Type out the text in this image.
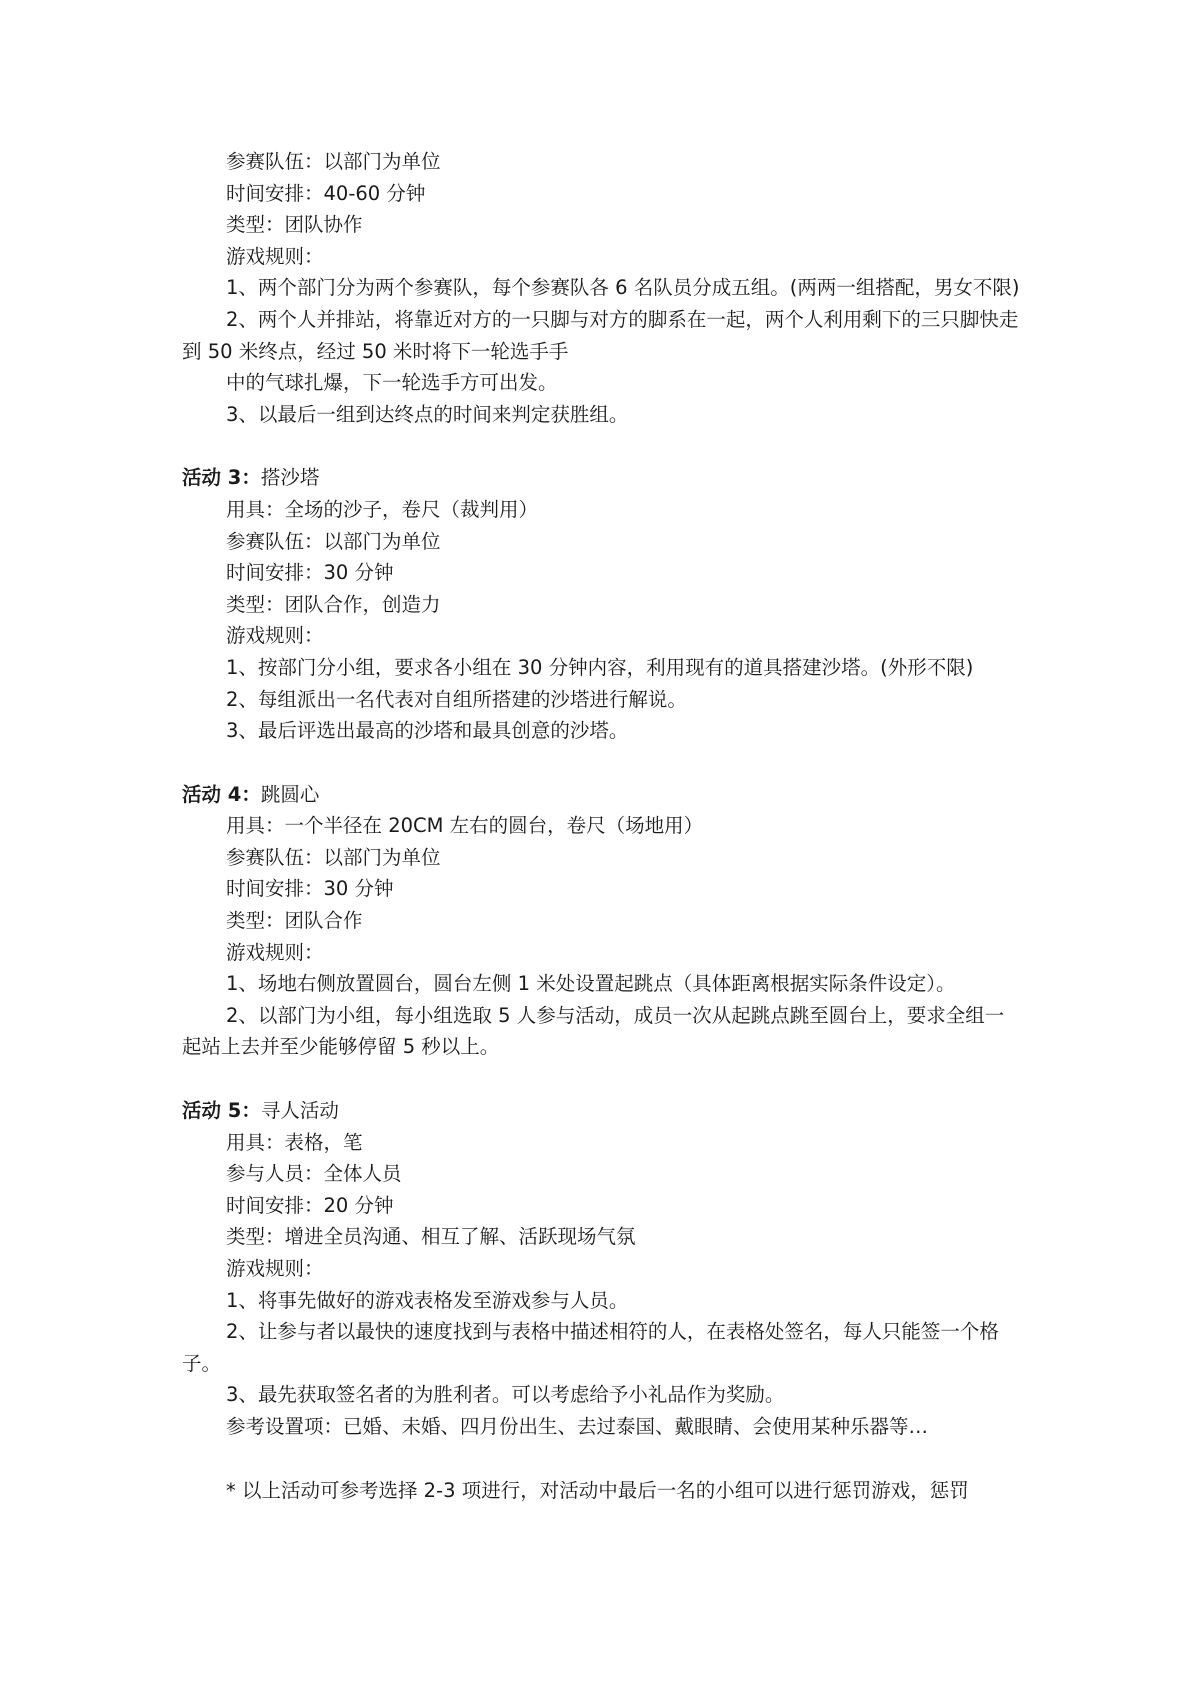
参赛队伍：以部门为单位
时间安排：40-60 分钟
类型：团队协作
游戏规则：
1、两个部门分为两个参赛队，每个参赛队各 6 名队员分成五组。(两两一组搭配，男女不限)
2、两个人并排站，将靠近对方的一只脚与对方的脚系在一起，两个人利用剩下的三只脚快走到 50 米终点，经过 50 米时将下一轮选手手
中的气球扎爆，下一轮选手方可出发。
3、以最后一组到达终点的时间来判定获胜组。
活动 3：搭沙塔
用具：全场的沙子，卷尺（裁判用）
参赛队伍：以部门为单位
时间安排：30 分钟
类型：团队合作，创造力
游戏规则：
1、按部门分小组，要求各小组在 30 分钟内容，利用现有的道具搭建沙塔。(外形不限)
2、每组派出一名代表对自组所搭建的沙塔进行解说。
3、最后评选出最高的沙塔和最具创意的沙塔。
活动 4：跳圆心
用具：一个半径在 20CM 左右的圆台，卷尺（场地用）
参赛队伍：以部门为单位
时间安排：30 分钟
类型：团队合作
游戏规则：
1、场地右侧放置圆台，圆台左侧 1 米处设置起跳点（具体距离根据实际条件设定）。
2、以部门为小组，每小组选取 5 人参与活动，成员一次从起跳点跳至圆台上，要求全组一起站上去并至少能够停留 5 秒以上。
活动 5：寻人活动
用具：表格，笔
参与人员：全体人员
时间安排：20 分钟
类型：增进全员沟通、相互了解、活跃现场气氛
游戏规则：
1、将事先做好的游戏表格发至游戏参与人员。
2、让参与者以最快的速度找到与表格中描述相符的人，在表格处签名，每人只能签一个格子。
3、最先获取签名者的为胜利者。可以考虑给予小礼品作为奖励。
参考设置项：已婚、未婚、四月份出生、去过泰国、戴眼睛、会使用某种乐器等…
* 以上活动可参考选择 2-3 项进行，对活动中最后一名的小组可以进行惩罚游戏，惩罚
